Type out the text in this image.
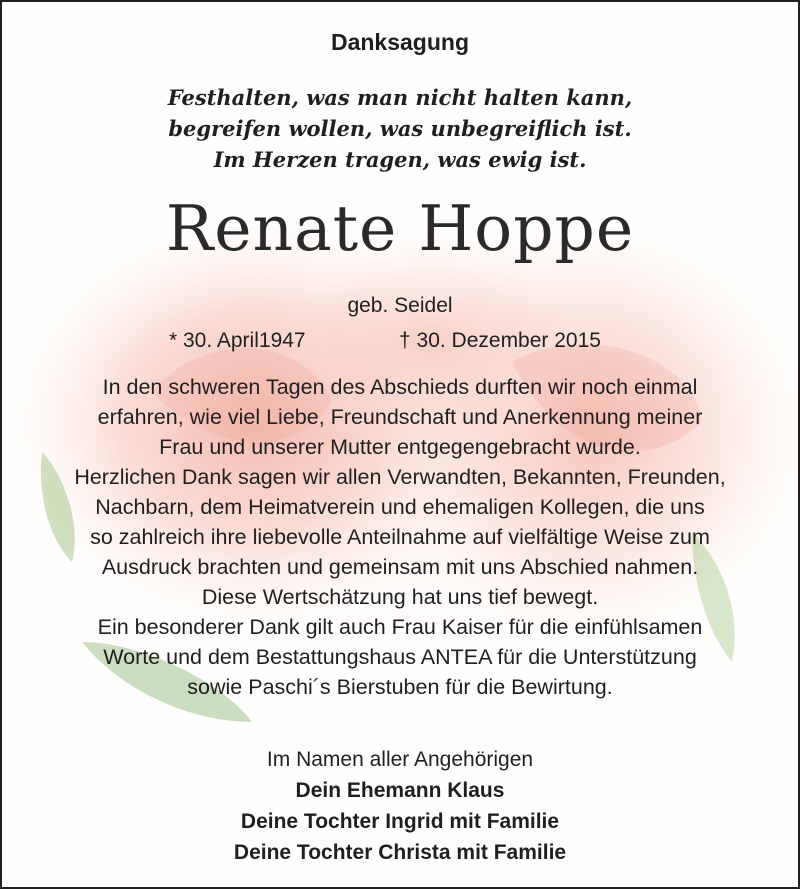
Danksagung
Festhalten, was man nicht halten kann,
begreifen wollen, was unbegreiflich ist.
Im Herzen tragen, was ewig ist.
Renate Hoppe
geb. Seidel
* 30. April1947	† 30. Dezember 2015
In den schweren Tagen des Abschieds durften wir noch einmal
erfahren, wie viel Liebe, Freundschaft und Anerkennung meiner
Frau und unserer Mutter entgegengebracht wurde.
Herzlichen Dank sagen wir allen Verwandten, Bekannten, Freunden,
Nachbarn, dem Heimatverein und ehemaligen Kollegen, die uns
so zahlreich ihre liebevolle Anteilnahme auf vielfältige Weise zum
Ausdruck brachten und gemeinsam mit uns Abschied nahmen.
Diese Wertschätzung hat uns tief bewegt.
Ein besonderer Dank gilt auch Frau Kaiser für die einfühlsamen
Worte und dem Bestattungshaus ANTEA für die Unterstützung
sowie Paschi´s Bierstuben für die Bewirtung.
Im Namen aller Angehörigen
Dein Ehemann Klaus
Deine Tochter Ingrid mit Familie
Deine Tochter Christa mit Familie
